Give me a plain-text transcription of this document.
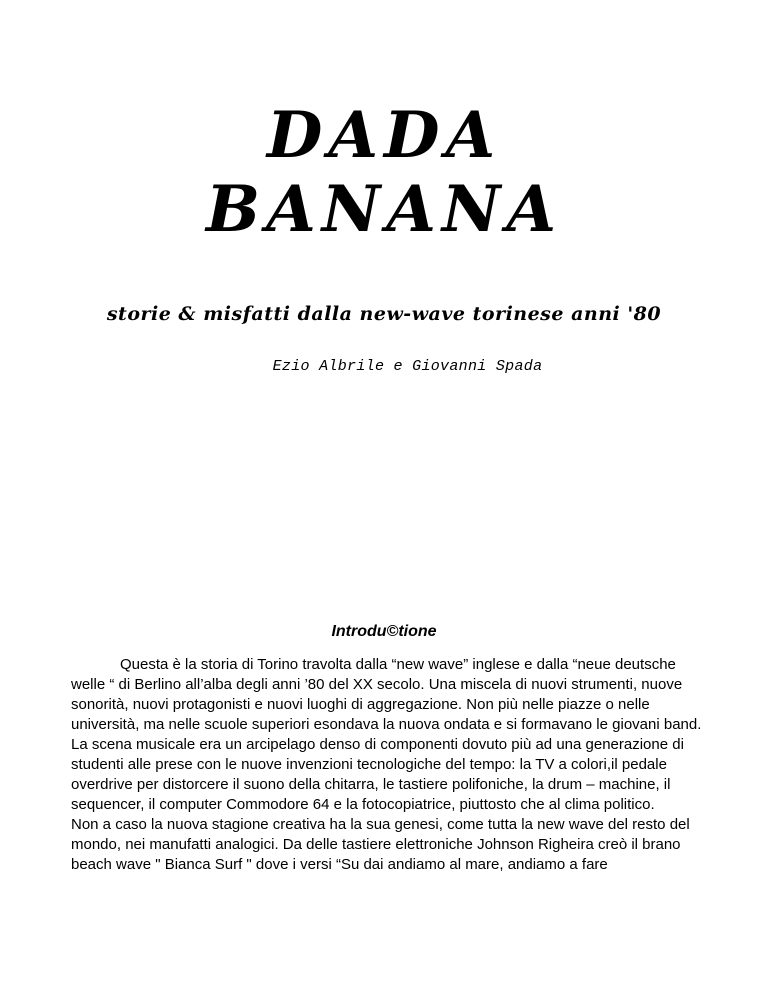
DADA
BANANA
storie & misfatti dalla new-wave torinese anni '80
Ezio Albrile e Giovanni Spada
Introdu©tione

Questa è la storia di Torino travolta dalla “new wave” inglese e dalla “neue deutsche welle “ di Berlino all’alba degli anni ’80 del XX secolo. Una miscela di nuovi strumenti, nuove sonorità, nuovi protagonisti e nuovi luoghi di aggregazione. Non più nelle piazze o nelle università, ma nelle scuole superiori esondava la nuova ondata e si formavano le giovani band. La scena musicale era un arcipelago denso di componenti dovuto più ad una generazione di studenti alle prese con le nuove invenzioni tecnologiche del tempo: la TV a colori,il pedale overdrive per distorcere il suono della chitarra, le tastiere polifoniche, la drum – machine, il sequencer, il computer Commodore 64 e la fotocopiatrice, piuttosto che al clima politico.

Non a caso la nuova stagione creativa ha la sua genesi, come tutta la new wave del resto del mondo, nei manufatti analogici. Da delle tastiere elettroniche Johnson Righeira creò il brano beach wave " Bianca Surf " dove i versi “Su dai andiamo al mare, andiamo a fare
